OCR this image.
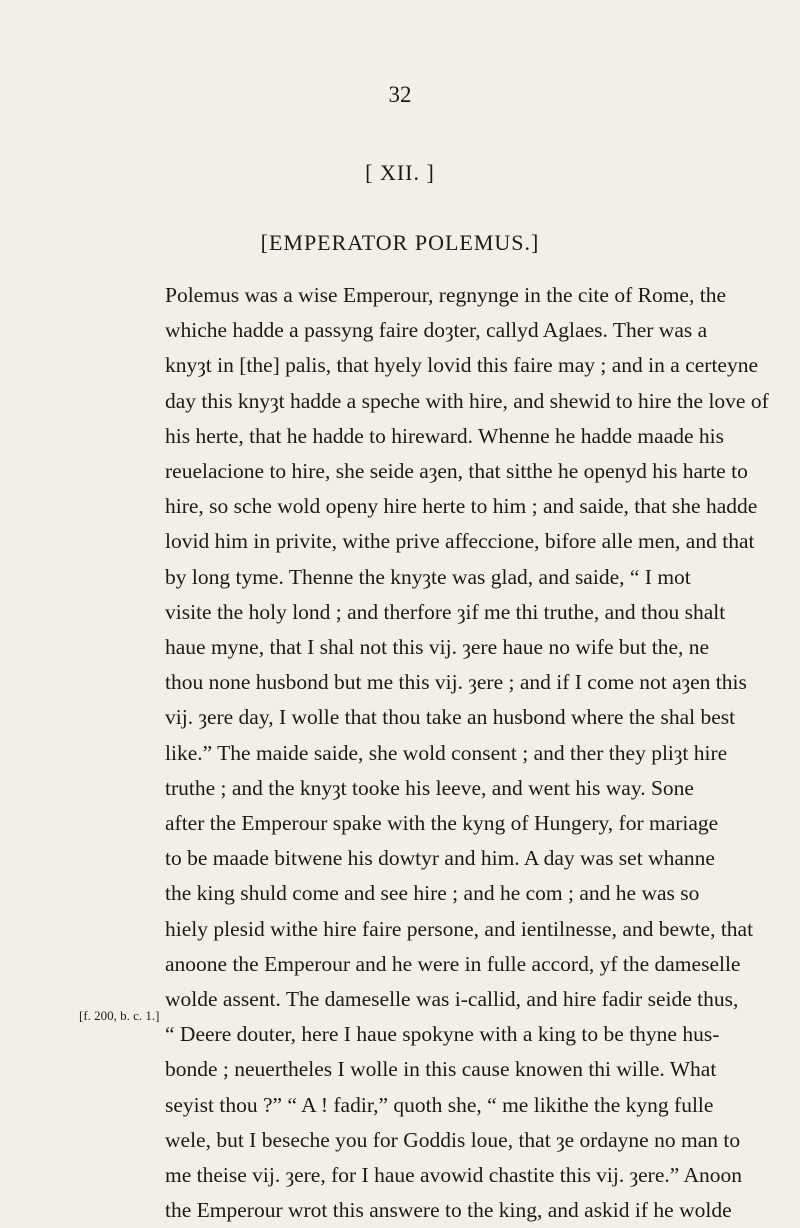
32
[ XII. ]
[EMPERATOR POLEMUS.]
[f. 200, b. c. 1.]
Polemus was a wise Emperour, regnynge in the cite of Rome, the
whiche hadde a passyng faire doȝter, callyd Aglaes. Ther was a
knyȝt in [the] palis, that hyely lovid this faire may ; and in a certeyne
day this knyȝt hadde a speche with hire, and shewid to hire the love of
his herte, that he hadde to hireward. Whenne he hadde maade his
reuelacione to hire, she seide aȝen, that sitthe he openyd his harte to
hire, so sche wold openy hire herte to him ; and saide, that she hadde
lovid him in privite, withe prive affeccione, bifore alle men, and that
by long tyme. Thenne the knyȝte was glad, and saide, “ I mot
visite the holy lond ; and therfore ȝif me thi truthe, and thou shalt
haue myne, that I shal not this vij. ȝere haue no wife but the, ne
thou none husbond but me this vij. ȝere ; and if I come not aȝen this
vij. ȝere day, I wolle that thou take an husbond where the shal best
like.” The maide saide, she wold consent ; and ther they pliȝt hire
truthe ; and the knyȝt tooke his leeve, and went his way. Sone
after the Emperour spake with the kyng of Hungery, for mariage
to be maade bitwene his dowtyr and him. A day was set whanne
the king shuld come and see hire ; and he com ; and he was so
hiely plesid withe hire faire persone, and ientilnesse, and bewte, that
anoone the Emperour and he were in fulle accord, yf the dameselle
wolde assent. The dameselle was i-callid, and hire fadir seide thus,
“ Deere douter, here I haue spokyne with a king to be thyne hus-
bonde ; neuertheles I wolle in this cause knowen thi wille. What
seyist thou ?” “ A ! fadir,” quoth she, “ me likithe the kyng fulle
wele, but I beseche you for Goddis loue, that ȝe ordayne no man to
me theise vij. ȝere, for I haue avowid chastite this vij. ȝere.” Anoon
the Emperour wrot this answere to the king, and askid if he wolde
